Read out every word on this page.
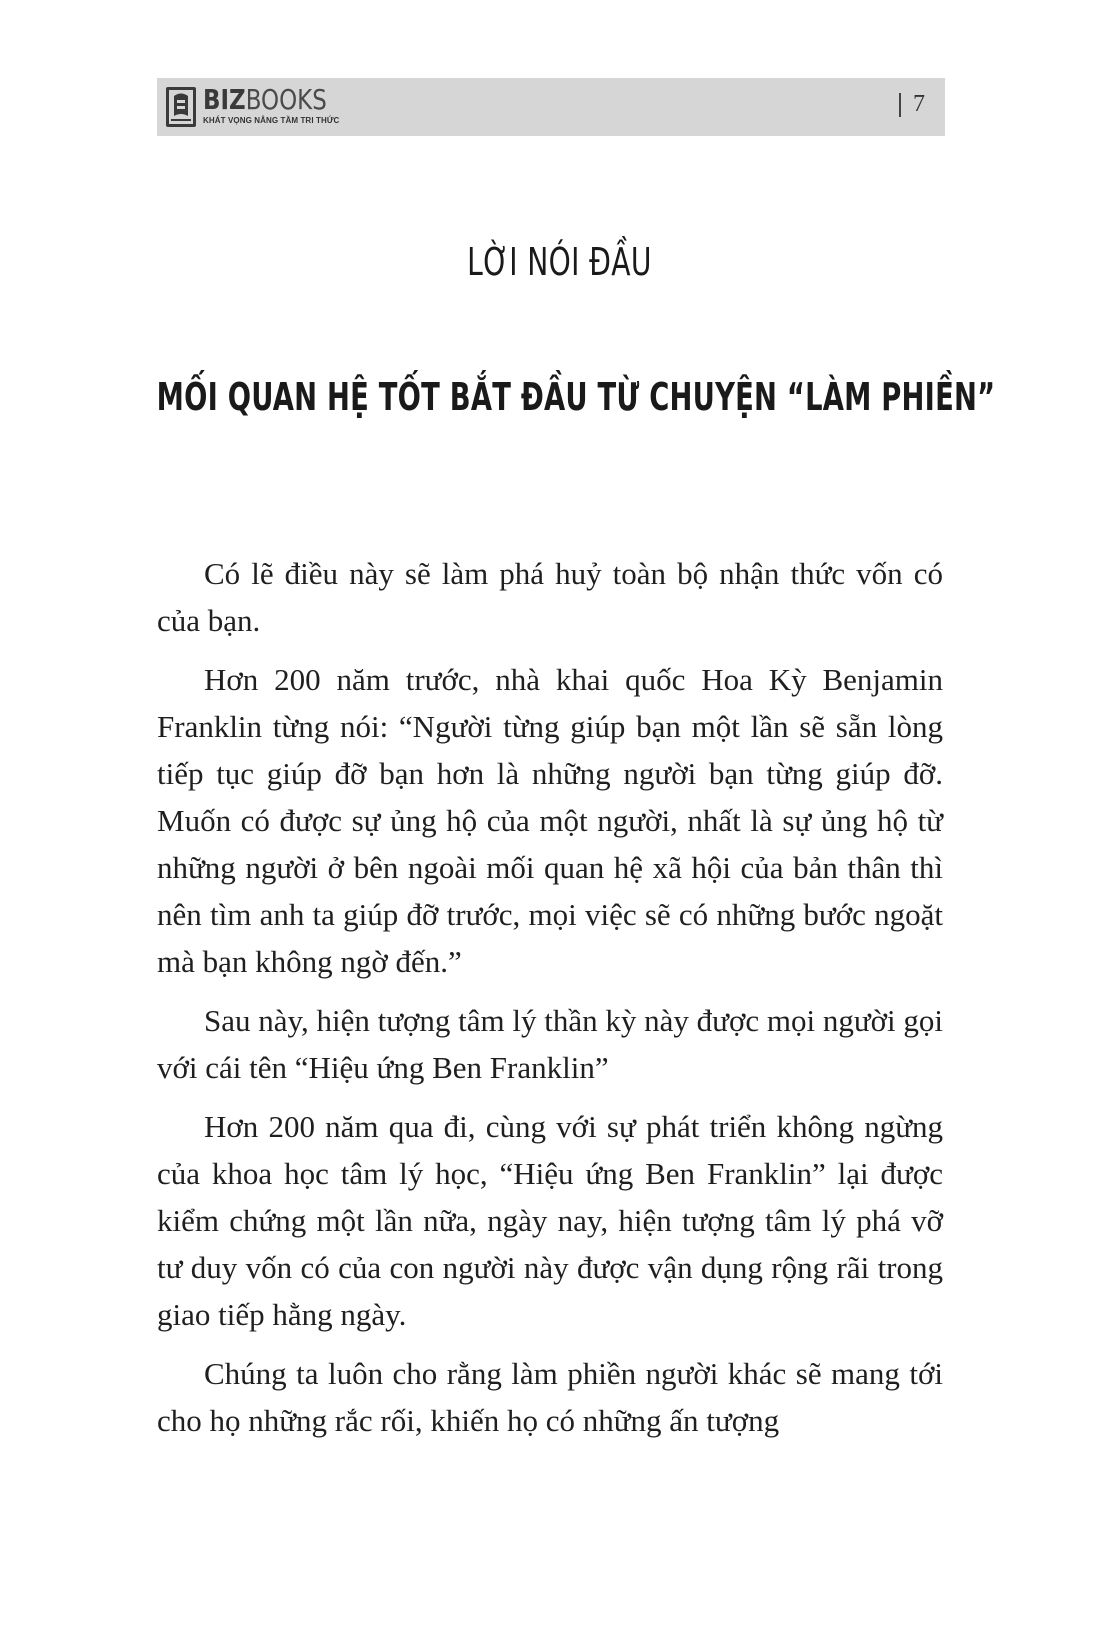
BIZBOOKS
KHÁT VỌNG NÂNG TẦM TRI THỨC
7
LỜI NÓI ĐẦU
MỐI QUAN HỆ TỐT BẮT ĐẦU TỪ CHUYỆN “LÀM PHIỀN”

Có lẽ điều này sẽ làm phá huỷ toàn bộ nhận thức vốn có của bạn.

Hơn 200 năm trước, nhà khai quốc Hoa Kỳ Benjamin Franklin từng nói: “Người từng giúp bạn một lần sẽ sẵn lòng tiếp tục giúp đỡ bạn hơn là những người bạn từng giúp đỡ. Muốn có được sự ủng hộ của một người, nhất là sự ủng hộ từ những người ở bên ngoài mối quan hệ xã hội của bản thân thì nên tìm anh ta giúp đỡ trước, mọi việc sẽ có những bước ngoặt mà bạn không ngờ đến.”

Sau này, hiện tượng tâm lý thần kỳ này được mọi người gọi với cái tên “Hiệu ứng Ben Franklin”

Hơn 200 năm qua đi, cùng với sự phát triển không ngừng của khoa học tâm lý học, “Hiệu ứng Ben Franklin” lại được kiểm chứng một lần nữa, ngày nay, hiện tượng tâm lý phá vỡ tư duy vốn có của con người này được vận dụng rộng rãi trong giao tiếp hằng ngày.

Chúng ta luôn cho rằng làm phiền người khác sẽ mang tới cho họ những rắc rối, khiến họ có những ấn tượng
